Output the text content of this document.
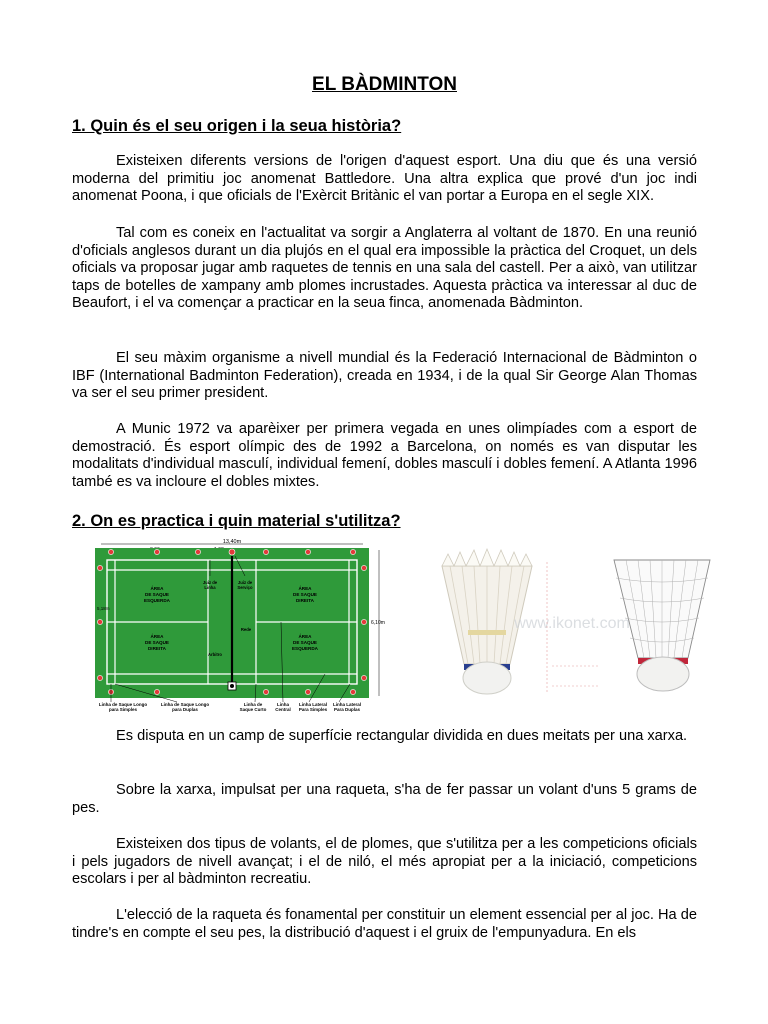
EL BÀDMINTON
1. Quin és el seu origen i la seua història?

Existeixen diferents versions de l'origen d'aquest esport. Una diu que és una versió moderna del primitiu joc anomenat Battledore. Una altra explica que prové d'un joc indi anomenat Poona, i que oficials de l'Exèrcit Britànic el van portar a Europa en el segle XIX.

Tal com es coneix en l'actualitat va sorgir a Anglaterra al voltant de 1870. En una reunió d'oficials anglesos durant un dia plujós en el qual era impossible la pràctica del Croquet, un dels oficials va proposar jugar amb raquetes de tennis en una sala del castell. Per a això, van utilitzar taps de botelles de xampany amb plomes incrustades. Aquesta pràctica va interessar al duc de Beaufort, i el va començar a practicar en la seua finca, anomenada Bàdminton.

El seu màxim organisme a nivell mundial és la Federació Internacional de Bàdminton o IBF (International Badminton Federation), creada en 1934, i de la qual Sir George Alan Thomas va ser el seu primer president.

A Munic 1972 va aparèixer per primera vegada en unes olimpíades com a esport de demostració. És esport olímpic des de 1992 a Barcelona, on només es van disputar les modalitats d'individual masculí, individual femení, dobles masculí i dobles femení. A Atlanta 1996 també es va incloure el dobles mixtes.

2. On es practica i quin material s'utilitza?
13,40m
5,18m
6,10m
ÁREA
DE SAQUE
ESQUERDA
ÁREA
DE SAQUE
DIREITA
ÁREA
DE SAQUE
DIREITA
ÁREA
DE SAQUE
ESQUERDA
Juiz de
Linha
Juiz de
Serviço
Rede
Arbitro
Linha de Saque Longo
para Simples
Linha de Saque Longo
para Duplas
Linha de
Saque Curto
Linha
Central
Linha Lateral
Para Simples
Linha Lateral
Para Duplas
www.ikonet.com

Es disputa en un camp de superfície rectangular dividida en dues meitats per una xarxa.

Sobre la xarxa, impulsat per una raqueta, s'ha de fer passar un volant d'uns 5 grams de pes.

Existeixen dos tipus de volants, el de plomes, que s'utilitza per a les competicions oficials i pels jugadors de nivell avançat; i el de niló, el més apropiat per a la iniciació, competicions escolars i per al bàdminton recreatiu.

L'elecció de la raqueta és fonamental per constituir un element essencial per al joc. Ha de tindre's en compte el seu pes, la distribució d'aquest i el gruix de l'empunyadura. En els
